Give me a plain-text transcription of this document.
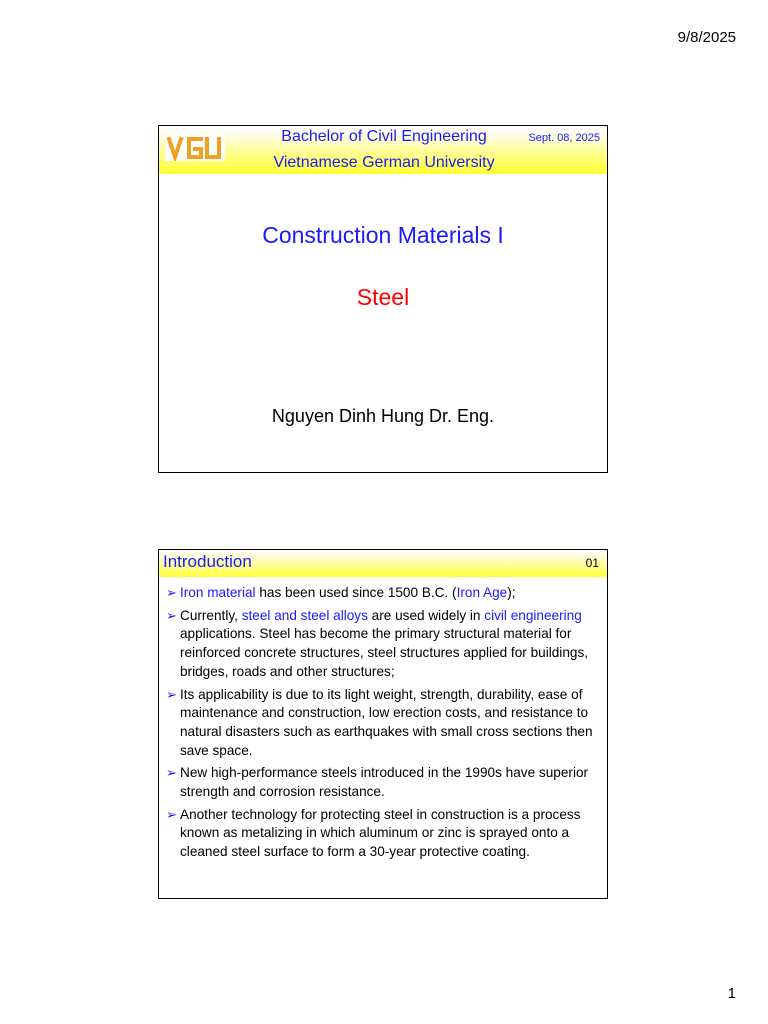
9/8/2025
Bachelor of Civil Engineering
Vietnamese German University
Sept. 08, 2025
Construction Materials I
Steel
Nguyen Dinh Hung Dr. Eng.
Introduction	01
➢ Iron material has been used since 1500 B.C. (Iron Age);
➢ Currently, steel and steel alloys are used widely in civil engineering applications. Steel has become the primary structural material for reinforced concrete structures, steel structures applied for buildings, bridges, roads and other structures;
➢ Its applicability is due to its light weight, strength, durability, ease of maintenance and construction, low erection costs, and resistance to natural disasters such as earthquakes with small cross sections then save space.
➢ New high-performance steels introduced in the 1990s have superior strength and corrosion resistance.
➢ Another technology for protecting steel in construction is a process known as metalizing in which aluminum or zinc is sprayed onto a cleaned steel surface to form a 30-year protective coating.
1
